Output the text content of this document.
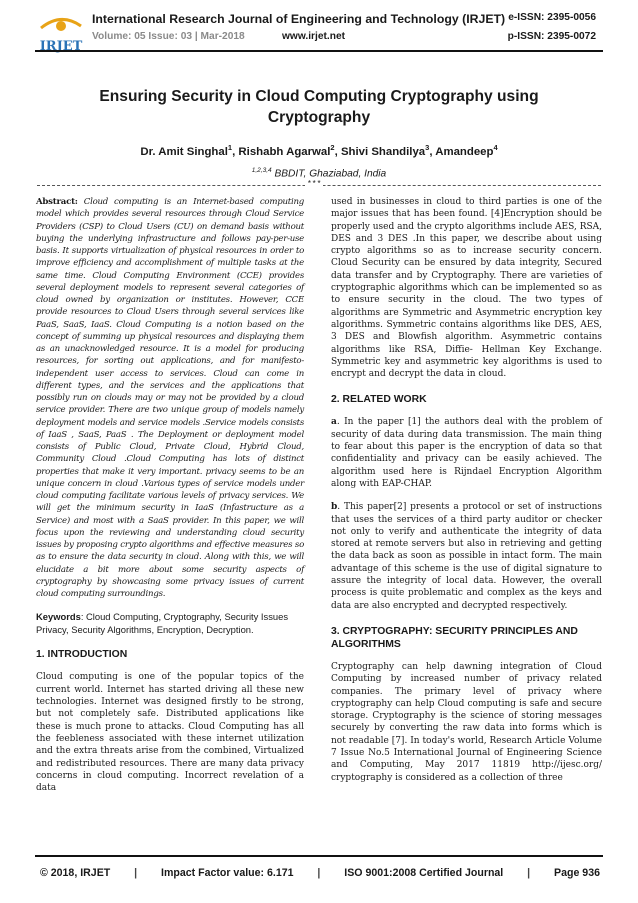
IRJET
International Research Journal of Engineering and Technology (IRJET)
Volume: 05 Issue: 03 | Mar-2018	www.irjet.net
e-ISSN: 2395-0056
p-ISSN: 2395-0072
Ensuring Security in Cloud Computing Cryptography using Cryptography
Dr. Amit Singhal$^1$, Rishabh Agarwal$^2$, Shivi Shandilya$^3$, Amandeep$^4$
$^{1,2,3,4}$ BBDIT, Ghaziabad, India
***

Abstract: Cloud computing is an Internet-based computing model which provides several resources through Cloud Service Providers (CSP) to Cloud Users (CU) on demand basis without buying the underlying infrastructure and follows pay-per-use basis. It supports virtualization of physical resources in order to improve efficiency and accomplishment of multiple tasks at the same time. Cloud Computing Environment (CCE) provides several deployment models to represent several categories of cloud owned by organization or institutes. However, CCE provide resources to Cloud Users through several services like PaaS, SaaS, IaaS. Cloud Computing is a notion based on the concept of summing up physical resources and displaying them as an unacknowledged resource. It is a model for producing resources, for sorting out applications, and for manifesto-independent user access to services. Cloud can come in different types, and the services and the applications that possibly run on clouds may or may not be provided by a cloud service provider. There are two unique group of models namely deployment models and service models .Service models consists of IaaS , SaaS, PaaS . The Deployment or deployment model consists of Public Cloud, Private Cloud, Hybrid Cloud, Community Cloud .Cloud Computing has lots of distinct properties that make it very important. privacy seems to be an unique concern in cloud .Various types of service models under cloud computing facilitate various levels of privacy services. We will get the minimum security in IaaS (Infastructure as a Service) and most with a SaaS provider. In this paper, we will focus upon the reviewing and understanding cloud security issues by proposing crypto algorithms and effective measures so as to ensure the data security in cloud. Along with this, we will elucidate a bit more about some security aspects of cryptography by showcasing some privacy issues of current cloud computing surroundings.

Keywords: Cloud Computing, Cryptography, Security Issues Privacy, Security Algorithms, Encryption, Decryption.

1. INTRODUCTION

Cloud computing is one of the popular topics of the current world. Internet has started driving all these new technologies. Internet was designed firstly to be strong, but not completely safe. Distributed applications like these is much prone to attacks. Cloud Computing has all the feebleness associated with these internet utilization and the extra threats arise from the combined, Virtualized and redistributed resources. There are many data privacy concerns in cloud computing. Incorrect revelation of a data

used in businesses in cloud to third parties is one of the major issues that has been found. [4]Encryption should be properly used and the crypto algorithms include AES, RSA, DES and 3 DES .In this paper, we describe about using crypto algorithms so as to increase security concern. Cloud Security can be ensured by data integrity, Secured data transfer and by Cryptography. There are varieties of cryptographic algorithms which can be implemented so as to ensure security in the cloud. The two types of algorithms are Symmetric and Asymmetric encryption key algorithms. Symmetric contains algorithms like DES, AES, 3 DES and Blowfish algorithm. Asymmetric contains algorithms like RSA, Diffie- Hellman Key Exchange. Symmetric key and asymmetric key algorithms is used to encrypt and decrypt the data in cloud.

2. RELATED WORK

a. In the paper [1] the authors deal with the problem of security of data during data transmission. The main thing to fear about this paper is the encryption of data so that confidentiality and privacy can be easily achieved. The algorithm used here is Rijndael Encryption Algorithm along with EAP-CHAP.

b. This paper[2] presents a protocol or set of instructions that uses the services of a third party auditor or checker not only to verify and authenticate the integrity of data stored at remote servers but also in retrieving and getting the data back as soon as possible in intact form. The main advantage of this scheme is the use of digital signature to assure the integrity of local data. However, the overall process is quite problematic and complex as the keys and data are also encrypted and decrypted respectively.

3. CRYPTOGRAPHY: SECURITY PRINCIPLES AND ALGORITHMS

Cryptography can help dawning integration of Cloud Computing by increased number of privacy related companies. The primary level of privacy where cryptography can help Cloud computing is safe and secure storage. Cryptography is the science of storing messages securely by converting the raw data into forms which is not readable [7]. In today's world, Research Article Volume 7 Issue No.5 International Journal of Engineering Science and Computing, May 2017 11819 http://ijesc.org/ cryptography is considered as a collection of three

© 2018, IRJET | Impact Factor value: 6.171 | ISO 9001:2008 Certified Journal | Page 936
